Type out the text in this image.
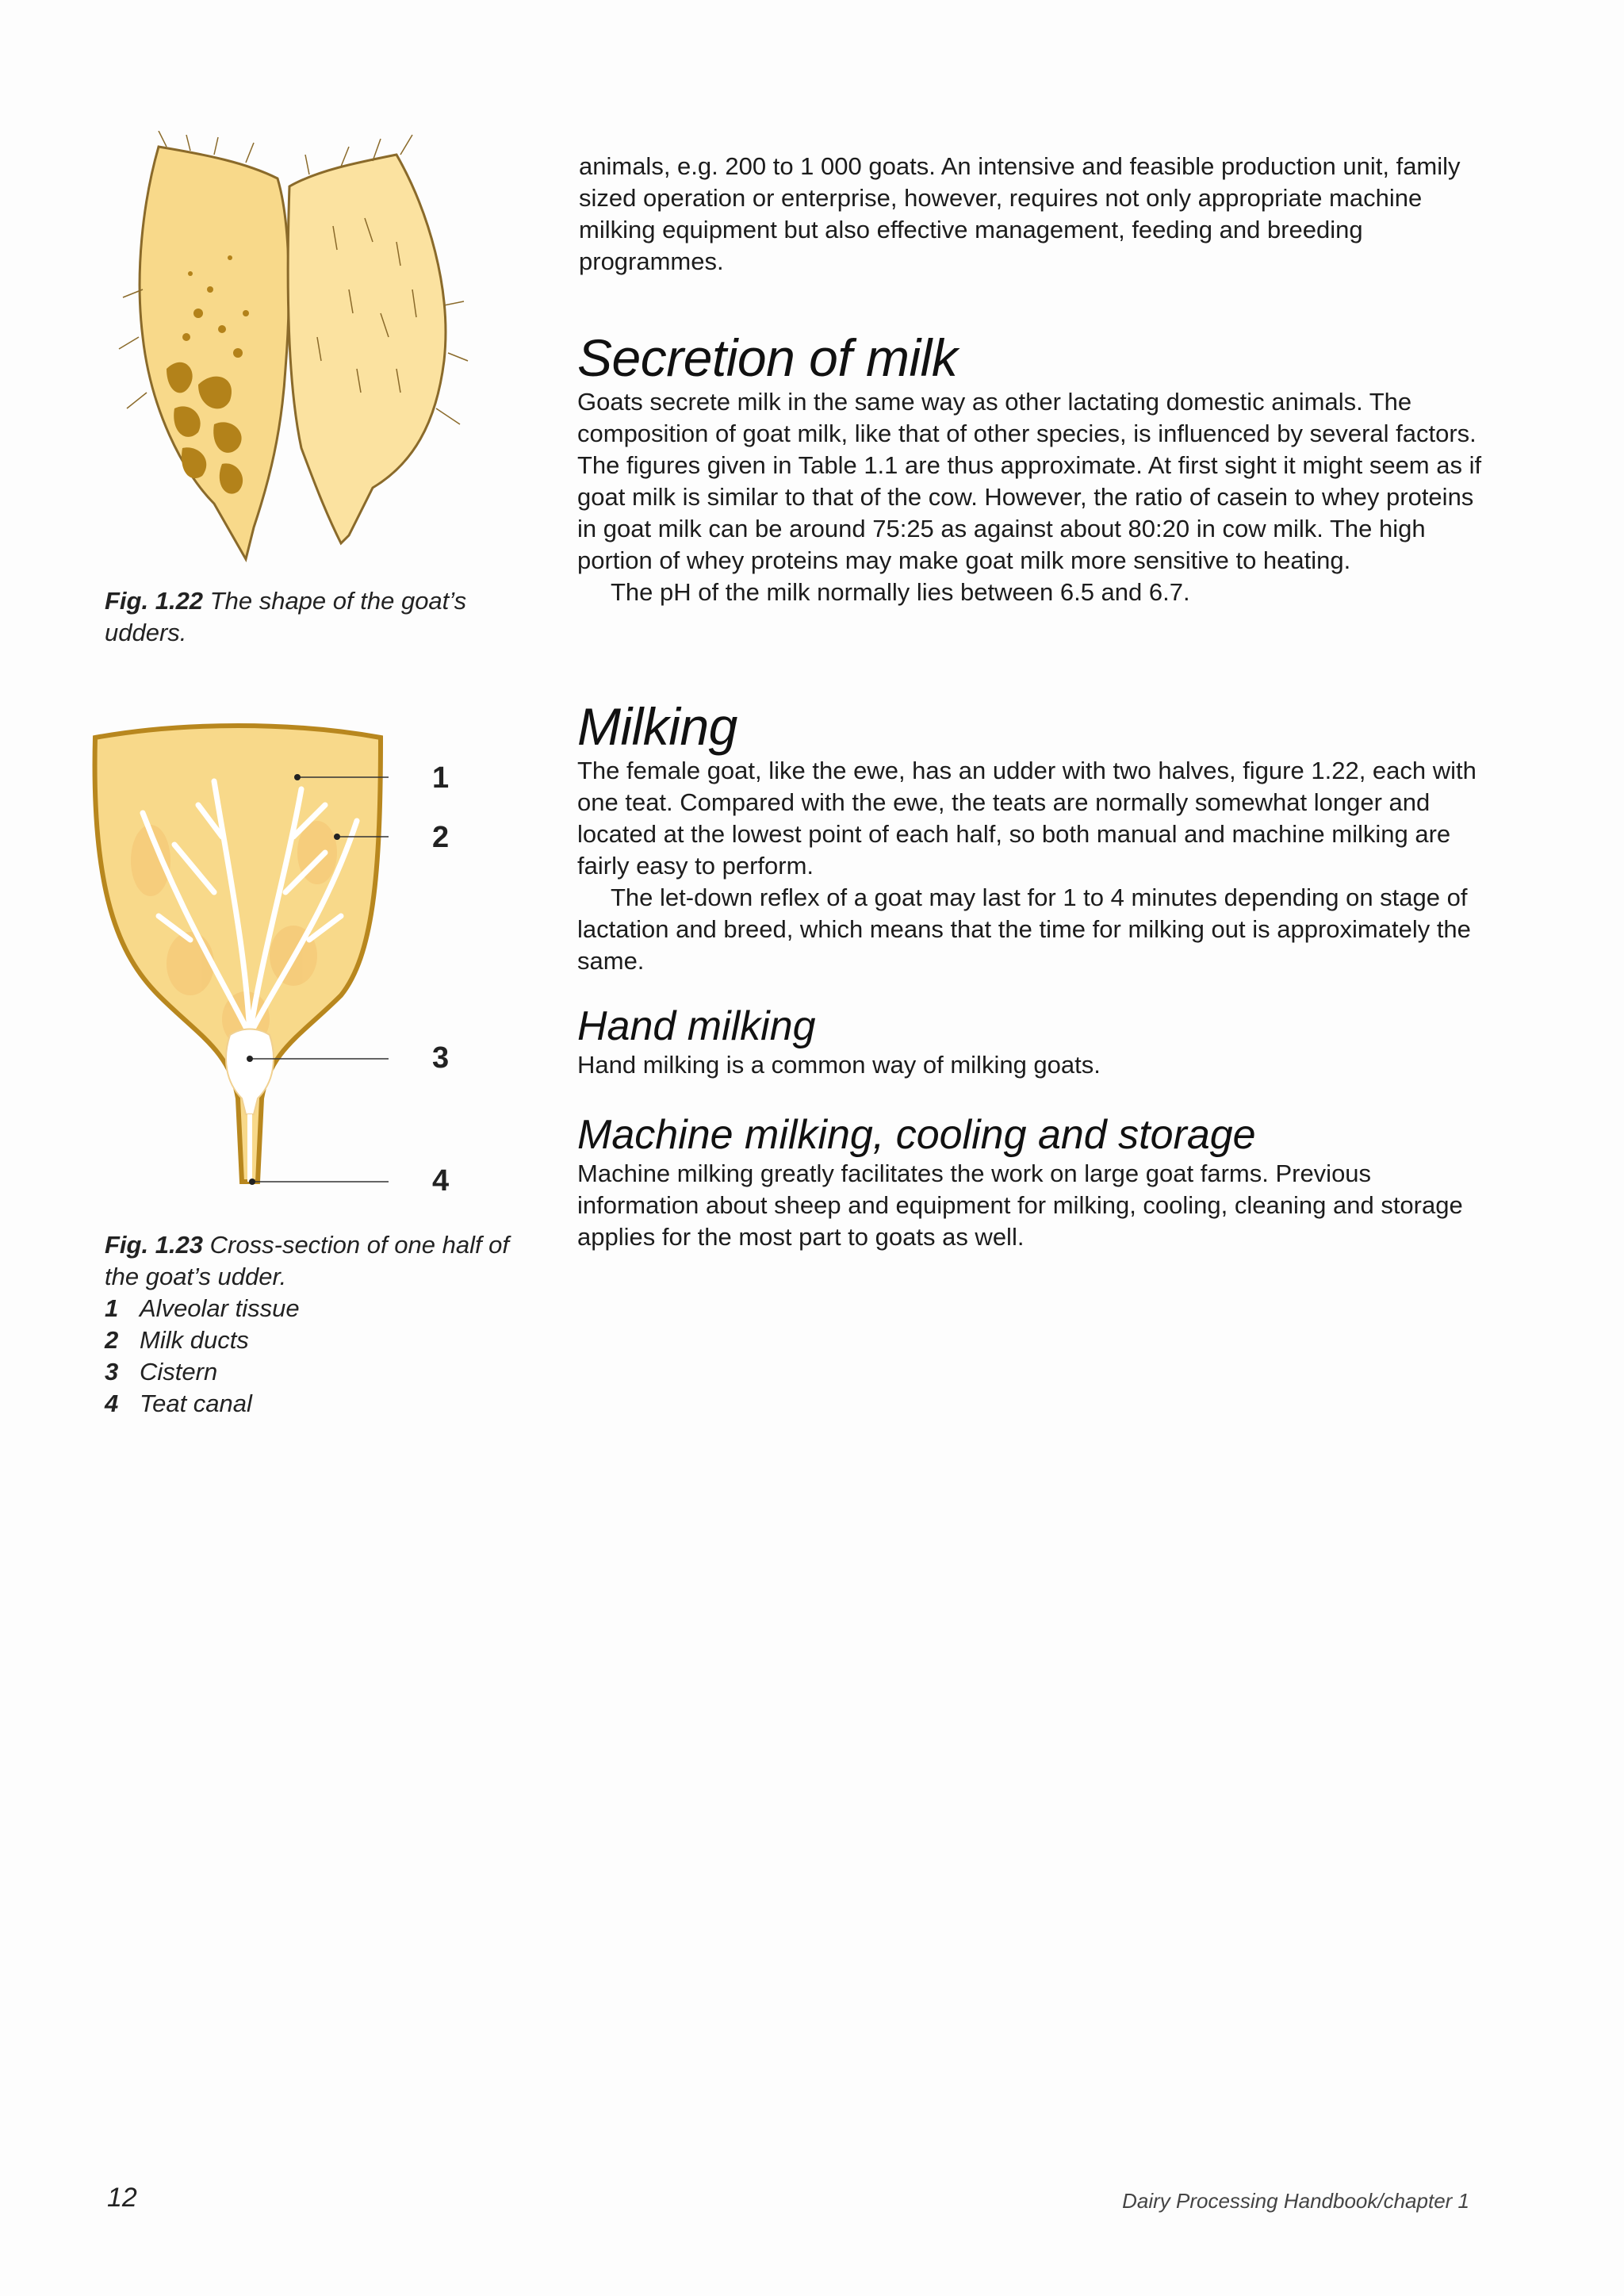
Fig. 1.22 The shape of the goat’s udders.
1
2
3
4
Fig. 1.23 Cross-section of one half of the goat’s udder.
1 Alveolar tissue
2 Milk ducts
3 Cistern
4 Teat canal

animals, e.g. 200 to 1 000 goats. An intensive and feasible production unit, family sized operation or enterprise, however, requires not only appropriate machine milking equipment but also effective management, feeding and breeding programmes.

Secretion of milk

Goats secrete milk in the same way as other lactating domestic animals. The composition of goat milk, like that of other species, is influenced by several factors. The figures given in Table 1.1 are thus approximate. At first sight it might seem as if goat milk is similar to that of the cow. However, the ratio of casein to whey proteins in goat milk can be around 75:25 as against about 80:20 in cow milk. The high portion of whey proteins may make goat milk more sensitive to heating.

The pH of the milk normally lies between 6.5 and 6.7.

Milking

The female goat, like the ewe, has an udder with two halves, figure 1.22, each with one teat. Compared with the ewe, the teats are normally somewhat longer and located at the lowest point of each half, so both manual and machine milking are fairly easy to perform.

The let-down reflex of a goat may last for 1 to 4 minutes depending on stage of lactation and breed, which means that the time for milking out is approximately the same.

Hand milking

Hand milking is a common way of milking goats.

Machine milking, cooling and storage

Machine milking greatly facilitates the work on large goat farms. Previous information about sheep and equipment for milking, cooling, cleaning and storage applies for the most part to goats as well.

12	Dairy Processing Handbook/chapter 1
